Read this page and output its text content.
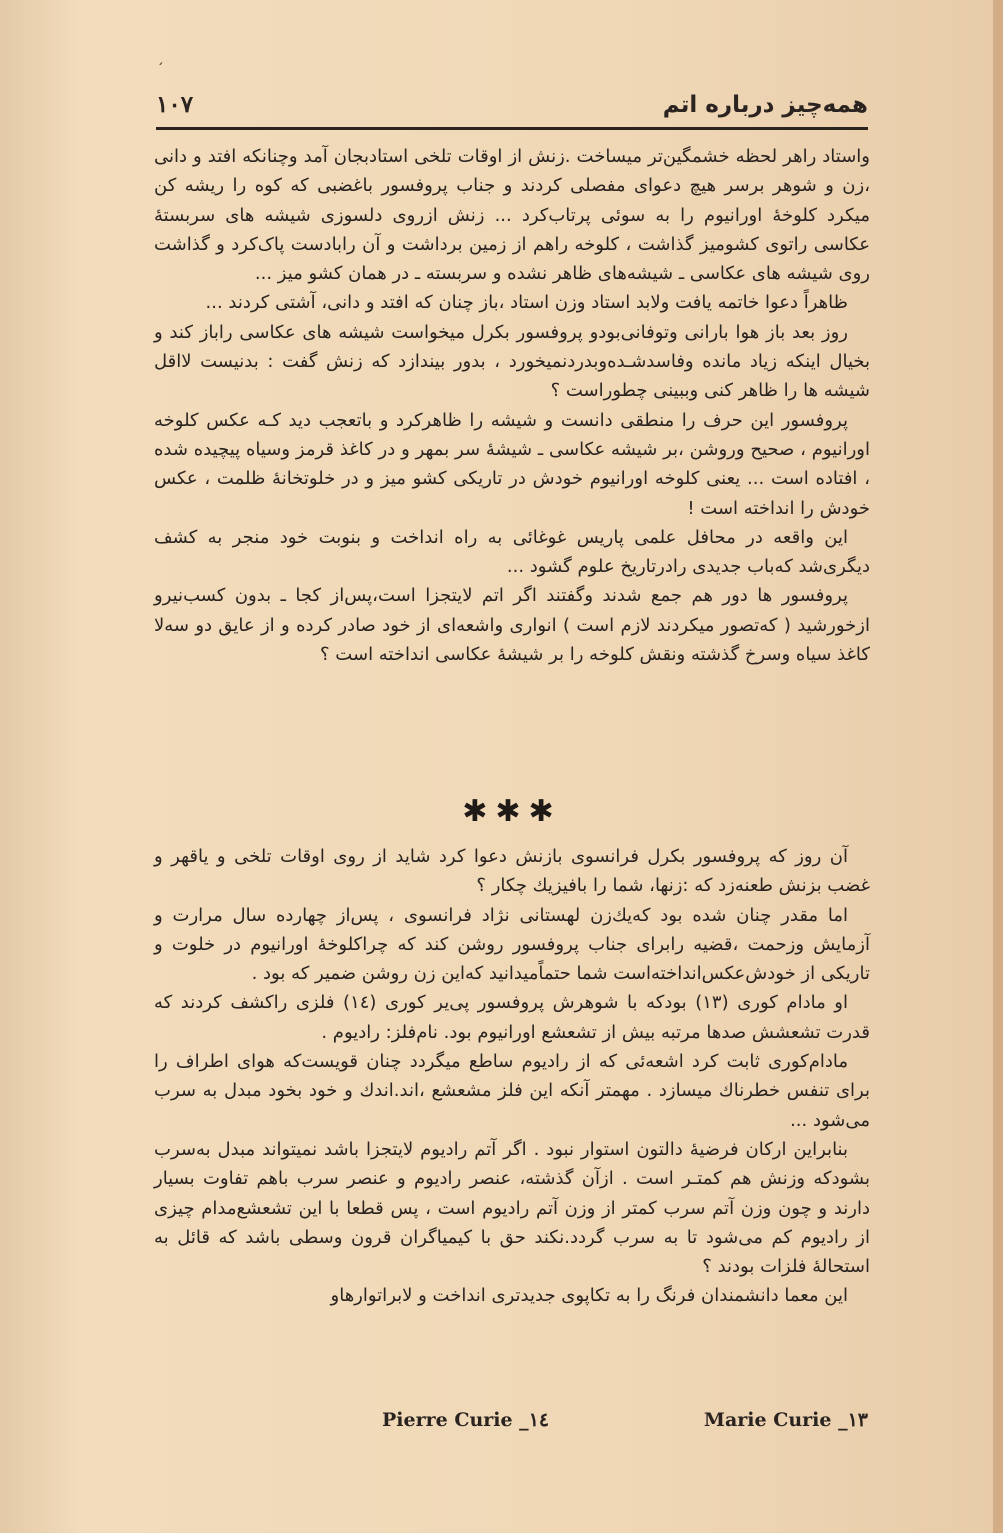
׳
همه‌چیز درباره اتم
١٠٧

واستاد راهر لحظه خشمگین‌تر میساخت .زنش از اوقات تلخی استادبجان آمد وچنانکه افتد و دانی ،زن و شوهر برسر هیچ دعوای مفصلی کردند و جناب پروفسور باغضبی که کوه را ریشه کن میکرد کلوخهٔ اورانیوم را به سوئی پرتاب‌کرد ... زنش ازروی دلسوزی شیشه های سربستهٔ عکاسی راتوی کشومیز گذاشت ، کلوخه راهم از زمین برداشت و آن رابادست پاک‌کرد و گذاشت روی شیشه های عکاسی ـ شیشه‌های ظاهر نشده و سربسته ـ در همان کشو میز ...

ظاهراً دعوا خاتمه یافت ولابد استاد وزن استاد ،باز چنان که افتد و دانی، آشتی کردند ...

روز بعد باز هوا بارانی وتوفانی‌بودو پروفسور بکرل میخواست شیشه های عکاسی راباز کند و بخیال اینکه زیاد مانده وفاسدشـده‌وبدردنمیخورد ، بدور بیندازد که زنش گفت : بدنیست لااقل شیشه ها را ظاهر کنی وببینی چطوراست ؟

پروفسور این حرف را منطقی دانست و شیشه را ظاهرکرد و باتعجب دید کـه عکس کلوخه اورانیوم ، صحیح وروشن ،بر شیشه عکاسی ـ شیشهٔ سر بمهر و در کاغذ قرمز وسیاه پیچیده شده ، افتاده است ... یعنی کلوخه اورانیوم خودش در تاریکی کشو میز و در خلوتخانهٔ ظلمت ، عکس خودش را انداخته است !

این واقعه در محافل علمی پاریس غوغائی به راه انداخت و بنوبت خود منجر به کشف دیگری‌شد که‌باب جدیدی رادرتاریخ علوم گشود ...

پروفسور ها دور هم جمع شدند وگفتند اگر اتم لایتجزا است،پس‌از کجا ـ بدون کسب‌نیرو ازخورشید ( که‌تصور میکردند لازم است ) انواری واشعه‌ای از خود صادر کرده و از عایق دو سه‌لا کاغذ سیاه وسرخ گذشته ونقش کلوخه را بر شیشهٔ عکاسی انداخته است ؟

✱✱✱

آن روز که پروفسور بکرل فرانسوی بازنش دعوا کرد شاید از روی اوقات تلخی و یاقهر و غضب بزنش طعنه‌زد که :زنها، شما را بافیزیك چکار ؟

اما مقدر چنان شده بود که‌یك‌زن لهستانی نژاد فرانسوی ، پس‌از چهارده سال مرارت و آزمایش وزحمت ،قضیه رابرای جناب پروفسور روشن کند که چراکلوخهٔ اورانیوم در خلوت و تاریکی از خودش‌عکس‌انداخته‌است شما حتماً‌میدانید که‌این زن روشن ضمیر که بود .

او مادام کوری (١٣) بودکه با شوهرش پروفسور پی‌یر کوری (١٤) فلزی راکشف کردند که قدرت تشعشش صدها مرتبه بیش از تشعشع اورانیوم بود. نام‌فلز: رادیوم .

مادام‌کوری ثابت کرد اشعه‌ئی که از رادیوم ساطع میگردد چنان قویست‌که هوای اطراف را برای تنفس خطرناك میسازد . مهمتر آنکه این فلز مشعشع ،اند.اندك و خود بخود مبدل به سرب می‌شود ...

بنابراین ارکان فرضیهٔ دالتون استوار نبود . اگر آتم رادیوم لایتجزا باشد نمیتواند مبدل به‌سرب بشودکه وزنش هم کمتـر است . ازآن گذشته، عنصر رادیوم و عنصر سرب باهم تفاوت بسیار دارند و چون وزن آتم سرب کمتر از وزن آتم رادیوم است ، پس قطعا با این تشعشع‌مدام چیزی از رادیوم کم می‌شود تا به سرب گردد.نکند حق با کیمیاگران قرون وسطی باشد که قائل به استحالهٔ فلزات بودند ؟

این معما دانشمندان فرنگ را به تکاپوی جدیدتری انداخت و لابراتوارها‌و

Pierre Curie _١٤	Marie Curie _١٣
